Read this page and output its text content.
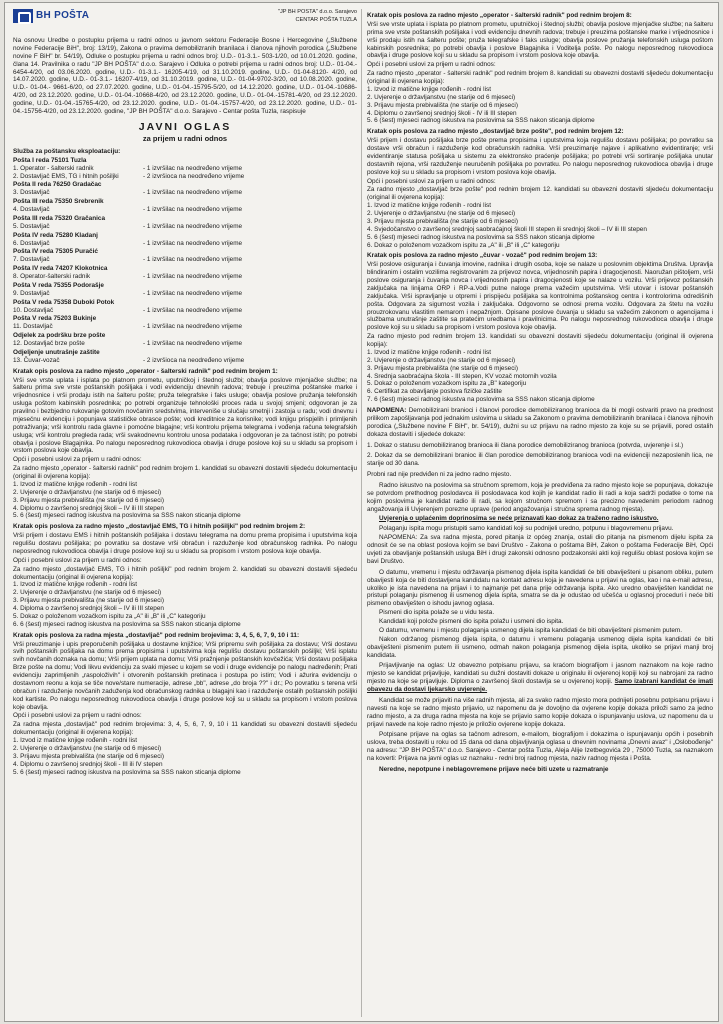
BH POŠTA	"JP BH POŠTA" d.o.o. Sarajevo
CENTAR POŠTA TUZLA

Na osnovu Uredbe o postupku prijema u radni odnos u javnom sektoru Federacije Bosne i Hercegovine („Službene novine Federacije BiH", broj: 13/19), Zakona o pravima demobilizranih branilaca i članova njihovih porodica („Službene novine F BiH" br. 54/19), Odluke o postupku prijema u radni odnos broj: U.D.- 01-3.1.- 503-1/20, od 10.01.2020. godine, člana 14. Pravilnika o radu "JP BH POŠTA" d.o.o. Sarajevo i Odluka o potrebi prijema u radni odnos broj: U.D.- 01-04.- 6454-4/20, od 03.06.2020. godine, U.D.- 01-3.1.- 16205-4/19, od 31.10.2019. godine, U.D.- 01-04-8120- 4/20, od 14.07.2020. godine, U.D.- 01-3.1.- 16207-4/19, od 31.10.2019. godine, U.D.- 01-04-9702-3/20, od 10.08.2020. godine, U.D.- 01-04.- 9661-6/20, od 27.07.2020. godine, U.D.- 01-04.-15795-5/20, od 14.12.2020. godine, U.D.- 01-04.-10686-4/20, od 23.12.2020. godine, U.D.- 01-04.-10668-4/20, od 23.12.2020. godine, U.D.- 01-04.-15781-4/20, od 23.12.2020. godine, U.D.- 01-04.-15765-4/20, od 23.12.2020. godine, U.D.- 01-04.-15757-4/20, od 23.12.2020. godine, U.D.- 01-04.-15756-4/20, od 23.12.2020. godine, "JP BH POŠTA" d.o.o. Sarajevo - Centar pošta Tuzla, raspisuje

JAVNI OGLAS
za prijem u radni odnos
Služba za poštansku eksploataciju:
Pošta I reda 75101 Tuzla
1. Operator - šalterski radnik	- 1 izvršilac na neodređeno vrijeme
2. Dostavljač EMS, TG i hitnih pošiljki	- 2 izvršioca na neodređeno vrijeme
Pošta II reda 76250 Gradačac
3. Dostavljač	- 1 izvršilac na neodređeno vrijeme
Pošta III reda 75350 Srebrenik
4. Dostavljač	- 1 izvršilac na neodređeno vrijeme
Pošta III reda 75320 Gračanica
5. Dostavljač	- 1 izvršilac na neodređeno vrijeme
Pošta IV reda 75280 Kladanj
6. Dostavljač	- 1 izvršilac na neodređeno vrijeme
Pošta IV reda 75305 Puračić
7. Dostavljač	- 1 izvršilac na neodređeno vrijeme
Pošta IV reda 74207 Klokotnica
8. Operator-šalterski radnik	- 1 izvršilac na neodređeno vrijeme
Pošta V reda 75355 Podorašje
9. Dostavljač	- 1 izvršilac na neodređeno vrijeme
Pošta V reda 75358 Duboki Potok
10. Dostavljač	- 1 izvršilac na neodređeno vrijeme
Pošta V reda 75203 Bukinje
11. Dostavljač	- 1 izvršilac na neodređeno vrijeme
Odjelek za podršku brze pošte
12. Dostavljač brze pošte	- 1 izvršilac na neodređeno vrijeme
Odjeljenje unutrašnje zaštite
13. Čuvar-vozač	- 2 izvršioca na neodređeno vrijeme
Kratak opis poslova za radno mjesto „operator - šalterski radnik" pod rednim brojem 1:

Vrši sve vrste uplata i isplata po platnom prometu, uputničkoj i štednoj službi; obavlja poslove mjenjačke službe; na šalteru prima sve vrste poštanskih pošiljaka i vodi evidenciju dnevnih radova; trebuje i preuzima poštanske marke i vrijednosnice i vrši prodaju istih na šalteru pošte; pruža telegrafske i faks usluge; obavlja poslove pružanja telefonskih usluga poštom kabinskih posrednika; po potrebi organizuje tehnološki proces rada u svojoj smjeni; odgovoran je za pravilno i bezbjedno rukovanje gotovim novčanim sredstvima, intervenišе u slučaju smetnji i zastoja u radu; vodi dnevnu i mjesečnu evidenciju i popunjava statističke obrasce pošte; vodi kreditnice za korisnike; vodi knjigu prispjelih i primljenih potraživanja; vrši kontrolu rada glavne i pomoćne blagajne; vrši kontrolu prijema telegrama i vođenja računa telegrafskih usluga; vrši kontrolu pregleda rada; vrši svakodnevnu kontrolu unosa podataka i odgovoran je za tačnost istih; po potrebi obavlja i poslove Blagajnika. Po nalogu neposrednog rukovodioca obavlja i druge poslove koji su u skladu sa propisom i vrstom poslova koje obavlja.

Opći i posebni uslovi za prijem u radni odnos:

Za radno mjesto „operator - šalterski radnik" pod rednim brojem 1. kandidati su obavezni dostaviti sljedeću dokumentaciju (original ili ovjerena kopija):

1. Izvod iz matične knjige rođenih - rodni list
2. Uvjerenje o državljanstvu (ne starije od 6 mjeseci)
3. Prijavu mjesta prebivališta (ne starije od 6 mjeseci)
4. Diplomu o završenoj srednjoj školi – IV ili III stepen
5. 6 (šest) mjeseci radnog iskustva na poslovima sa SSS nakon sticanja diplome
Kratak opis poslova za radno mjesto „dostavljač EMS, TG i hitnih pošiljki" pod rednim brojem 2:

Vrši prijem i dostavu EMS i hitnih poštanskih pošiljaka i dostavu telegrama na domu prema propisima i uputstvima koja regulišu dostavu pošiljaka; po povratku sa dostave vrši obračun i razduženje kod obračunskog radnika. Po nalogu neposrednog rukovodioca obavlja i druge poslove koji su u skladu sa propisom i vrstom poslova koje obavlja.

Opći i posebni uslovi za prijem u radni odnos:

Za radno mjesto „dostavljač EMS, TG i hitnih pošiljki" pod rednim brojem 2. kandidati su obavezni dostaviti sljedeću dokumentaciju (original ili ovjerena kopija):

1. Izvod iz matične knjige rođenih - rodni list
2. Uvjerenje o državljanstvu (ne starije od 6 mjeseci)
3. Prijavu mjesta prebivališta (ne starije od 6 mjeseci)
4. Diploma o završenoj srednjoj školi – IV ili III stepen
5. Dokaz o položenom vozačkom ispitu za „A" ili „B" ili „C" kategoriju
6. 6 (šest) mjeseci radnog iskustva na poslovima sa SSS nakon sticanja diplome
Kratak opis poslova za radna mjesta „dostavljač" pod rednim brojevima: 3, 4, 5, 6, 7, 9, 10 i 11:

Vrši preuzimanje i upis preporučenih pošiljaka u dostavne knjižice; Vrši pripremu svih pošiljaka za dostavu; Vrši dostavu svih poštanskih pošiljaka na domu prema propisima i uputstvima koja regulišu dostavu poštanskih pošiljki; Vrši isplatu svih novčanih doznaka na domu; Vrši prijem uplata na domu; Vrši pražnjenje poštanskih kovčežića; Vrši dostavu pošiljaka Brze pošte na domu; Vodi likvu evidenciju za svaki mjesec u kojem se vodi i druge evidencije po nalogu nadređenih; Prati evidenciju zaprimljenih „raspoloživih" i otvorenih poštanskih pretinaca i postupa po istim; Vodi i ažurira evidenciju o dostavnom reonu a koja se tiče nove/stare numeracije, adrese „bb", adrese „do broja ??" i dr.; Po povratku s terena vrši obračun i razduženje novčanih zaduženja kod obračunskog radnika u blagajni kao i razduženje ostalih poštanskih pošiljki kod kartiste. Po nalogu neposrednog rukovodioca obavlja i druge poslove koji su u skladu sa propisom i vrstom poslova koje obavlja.

Opći i posebni uslovi za prijem u radni odnos:

Za radna mjesta „dostavljač" pod rednim brojevima: 3, 4, 5, 6, 7, 9, 10 i 11 kandidati su obavezni dostaviti sljedeću dokumentaciju (original ili ovjerena kopija):

1. Izvod iz matične knjige rođenih - rodni list
2. Uvjerenje o državljanstvu (ne starije od 6 mjeseci)
3. Prijavu mjesta prebivališta (ne starije od 6 mjeseci)
4. Diplomu o završenoj srednjoj školi - III ili IV stepen
5. 6 (šest) mjeseci radnog iskustva na poslovima sa SSS nakon sticanja diplome
Kratak opis poslova za radno mjesto „operator - šalterski radnik" pod rednim brojem 8:

Vrši sve vrste uplata i isplata po platnom prometu, uputničkoj i štednoj službi; obavlja poslove mjenjačke službe; na šalteru prima sve vrste poštanskih pošiljaka i vodi evidenciju dnevnih radova; trebuje i preuzima poštanske marke i vrijednosnice i vrši prodaju istih na šalteru pošte; pruža telegrafske i faks usluge; obavlja poslove pružanja telefonskih usluga poštom kabinskih posrednika; po potrebi obavlja i poslove Blagajnika i Voditelja pošte. Po nalogu neposrednog rukovodioca obavlja i druge poslove koji su u skladu sa propisom i vrstom poslova koje obavlja.

Opći i posebni uslovi za prijem u radni odnos:

Za radno mjesto „operator - šalterski radnik" pod rednim brojem 8. kandidati su obavezni dostaviti sljedeću dokumentaciju (original ili ovjerena kopija):

1. Izvod iz matične knjige rođenih - rodni list
2. Uvjerenje o državljanstvu (ne starije od 6 mjeseci)
3. Prijavu mjesta prebivališta (ne starije od 6 mjeseci)
4. Diplomu o završenoj srednjoj školi - IV ili III stepen
5. 6 (šest) mjeseci radnog iskustva na poslovima sa SSS nakon sticanja diplome
Kratak opis poslova za radno mjesto „dostavljač brze pošte", pod rednim brojem 12:

Vrši prijem i dostavu pošiljaka brze pošte prema propisima i uputstvima koja regulišu dostavu pošiljaka; po povratku sa dostave vrši obračun i razduženje kod obračunskih radnika. Vrši preuzimanje najave i aplikativno evidentiranje; vrši evidentiranje statusa pošiljaka u sistemu za elektronsko praćenje pošiljaka; po potrebi vrši sortiranje pošiljaka unutar dostavnih rejona, vrši razduženje neuručenih pošiljaka po povratku. Po nalogu neposrednog rukovodioca obavlja i druge poslove koji su u skladu sa propisom i vrstom poslova koje obavlja.

Opći i posebni uslovi za prijem u radni odnos:

Za radno mjesto „dostavljač brze pošte" pod rednim brojem 12. kandidati su obavezni dostaviti sljedeću dokumentaciju (original ili ovjerena kopija):

1. Izvod iz matične knjige rođenih - rodni list
2. Uvjerenje o državljanstvu (ne starije od 6 mjeseci)
3. Prijavu mjesta prebivališta (ne starije od 6 mjeseci)
4. Svjedočanstvo o završenoj srednjoj saobraćajnoj školi III stepen ili srednjoj školi – IV ili III stepen
5. 6 (šest) mjeseci radnog iskustva na poslovima sa SSS nakon sticanja diplome
6. Dokaz o položenom vozačkom ispitu za „A" ili „B" ili „C" kategoriju
Kratak opis poslova za radno mjesto „čuvar - vozač" pod rednim brojem 13:

Vrši poslove osiguranja i čuvanja imovine, radnika i drugih osoba, koje se nalaze u poslovnim objektima Društva. Upravlja blindiranim i ostalim vozilima registrovanim za prijevoz novca, vrijednosnih papira i dragocjenosti. Naoružan pištoljem, vrši poslove osiguranja i čuvanja novca i vrijednosnih papira i dragocjenosti koje se nalaze u vozilu. Vrši prijevoz poštanskih zaključaka na linijama ORP i RP-a.Vodi putne naloge prema važećim uputstvima. Vrši utovar i istovar poštanskih zaključaka. Vrši ispravljanje u otpremi i prispijeću pošiljaka sa kontrolnima poštanskog centra i kontrolorima odredišnih pošta. Odgovara za sigurnost vozila i zaključaka. Odgovorno se odnosi prema vozilu. Odgovara za štetu na vozilu prouzrokovanu vlastitim nemarom i nepažnjom. Opisane poslove čuvanja u skladu sa važećim zakonom o agencijama i službama unutrašnje zaštite sa pratećim uredbama i pravilnicima. Po nalogu neposrednog rukovodioca obavlja i druge poslove koji su u skladu sa propisom i vrstom poslova koje obavlja.

Za radno mjesto pod rednim brojem 13. kandidati su obavezni dostaviti sljedeću dokumentaciju (original ili ovjerena kopija):

1. Izvod iz matične knjige rođenih - rodni list
2. Uvjerenje o državljanstvu (ne starije od 6 mjeseci)
3. Prijavu mjesta prebivališta (ne starije od 6 mjeseci)
4. Srednja saobraćajna škola - III stepen, KV vozač motornih vozila
5. Dokaz o položenom vozačkom ispitu za „B" kategoriju
6. Certifikat za obavljanje poslova fizičke zaštite
7. 6 (šest) mjeseci radnog iskustva na poslovima sa SSS nakon sticanja diplome

NAPOMENA: Demobilizirani branioci i članovi porodice demobiliziranog branioca da bi mogli ostvariti pravo na prednost prilikom zapošljavanja pod jednakim uslovima u skladu sa Zakonom o pravima demobiliziranih branilaca i članova njihovih porodica („Službene novine F BiH", br. 54/19), dužni su uz prijavu na radno mjesto za koje su se prijavili, pored ostalih dokaza dostaviti i sljedeće dokaze:

1. Dokaz o statusu demobiliziranog branioca ili člana porodice demobiliziranog branioca (potvrda, uvjerenje i sl.)

2. Dokaz da se demobilizirani branioc ili član porodice demobiliziranog branioca vodi na evidenciji nezaposlenih lica, ne starije od 30 dana.

Probni rad nije predviđen ni za jedno radno mjesto.

Radno iskustvo na poslovima sa stručnom spremom, koja je predviđena za radno mjesto koje se popunjava, dokazuje se potvrdom prethodnog poslodavca ili poslodavaca kod kojih je kandidat radio ili radi a koja sadrži podatke o tome na kojim poslovima je kandidat radio ili radi, sa kojom stručnom spremom i sa preciznо navedenim periodom radnog angažovanja ili Uvjerenjem porezne uprave (period angažovanja i stručna sprema radnog mjesta).

Uvjerenja o uplaćenim doprinosima se neće priznavati kao dokaz za traženo radno iskustvo.

Polaganju ispita mogu pristupiti samo kandidati koji su podnijeli uredno, potpunu i blagovremenu prijavu.

NAPOMENA: Za sva radna mjesta, pored pitanja iz općeg znanja, ostali dio pitanja na pismenom dijelu ispita za odnosit će se na oblast poslova kojim se bavi Društvo - Zakona o poštama BiH, Zakon o poštama Federacije BiH, Opći uvjeti za obavljanje poštanskih usluga BiH i drugi zakonski odnosno podzakonski akti koji regulišu oblast poslova kojim se bavi Društvo.

O datumu, vremenu i mjestu održavanja pismenog dijela ispita kandidati će biti obaviješteni u pisanom obliku, putem obavijesti koja će biti dostavljena kandidatu na kontakt adresu koja je navedena u prijavi na oglas, kao i na e-mail adresu, ukoliko je ista navedena na prijavi i to najmanje pet dana prije održavanja ispita. Ako uredno obaviješten kandidat ne pristupi polaganju pismenog ili usmenog dijela ispita, smatra se da je odustao od učešća u oglasnoj proceduri i neće biti pismeno obaviješten o ishodu javnog oglasa.

Pismeni dio ispita polaže se u vidu testa.

Kandidati koji polože pismeni dio ispita polažu i usmeni dio ispita.

O datumu, vremenu i mjestu polaganja usmenog dijela ispita kandidati će biti obaviješteni pismenim putem.

Nakon održanog pismenog dijela ispita, o datumu i vremenu polaganja usmenog dijela ispita kandidati će biti obaviješteni pismenim putem ili usmeno, odmah nakon polaganja pismenog dijela ispita, ukoliko se prijavi manji broj kandidata.

Prijavljivanje na oglas: Uz obavezno potpisanu prijavu, sa kraćom biografijom i jasnom naznakom na koje radno mjesto se kandidat prijavljuje, kandidati su dužni dostaviti dokaze u originalu ili ovjerenoj kopiji koji su nabrojani za radno mjesto na koje se prijavljuje. Diploma o završenoj školi dostavlja se u ovjerenoj kopiji. Samo izabrani kandidat će imati obavezu da dostavi ljekarsko uvjerenje.

Kandidat se može prijaviti na više radnih mjesta, ali za svako radno mjesto mora podnijeti posebnu potpisanu prijavu i navesti na koje se radno mjesto prijavio, uz napomenu da je dovoljno da ovjerene kopije dokaza priloži samo za jedno radno mjesto, a za druga radna mjesta na koje se prijavio samo kopije dokaza o ispunjavanju uslova, uz napomenu da u prijavi navede na koje radno mjesto je priložio ovjerene kopije dokaza.

Potpisane prijave na oglas sa tačnom adresom, e-mailom, biografijom i dokazima o ispunjavanju općih i posebnih uslova, treba dostaviti u roku od 15 dana od dana objavljivanja oglasa u dnevnim novinama „Dnevni avaz" i „Oslobođenje" na adresu: "JP BH POŠTA" d.o.o. Sarajevo - Centar pošta Tuzla, Aleja Alije Izetbegovića 29 , 75000 Tuzla, sa naznakom na koverti: Prijava na javni oglas uz naznaku - redni broj radnog mjesta, naziv radnog mjesta i Pošta.

Neredne, nepotpune i neblagovremene prijave neće biti uzete u razmatranje
